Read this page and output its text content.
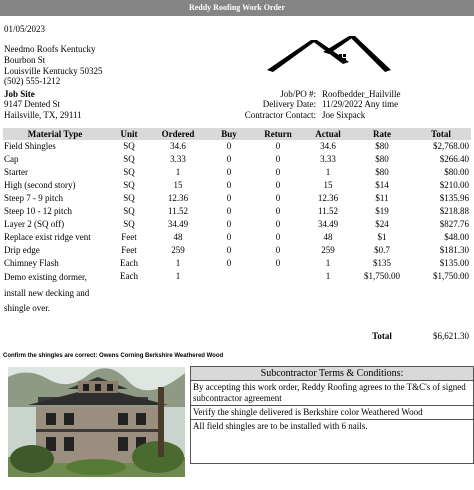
Reddy Roofing Work Order
01/05/2023
Needmo Roofs Kentucky
Bourbon St
Louisville Kentucky 50325
(502) 555-1212
Job Site
9147 Dented St
Hailsville, TX, 29111
Job/PO #: Roofbedder_Hailville
Delivery Date: 11/29/2022 Any time
Contractor Contact: Joe Sixpack
Material Type	Unit	Ordered	Buy	Return	Actual	Rate	Total
Field Shingles	SQ	34.6	0	0	34.6	$80	$2,768.00
Cap	SQ	3.33	0	0	3.33	$80	$266.40
Starter	SQ	1	0	0	1	$80	$80.00
High (second story)	SQ	15	0	0	15	$14	$210.00
Steep 7 - 9 pitch	SQ	12.36	0	0	12.36	$11	$135.96
Steep 10 - 12 pitch	SQ	11.52	0	0	11.52	$19	$218.88
Layer 2 (SQ off)	SQ	34.49	0	0	34.49	$24	$827.76
Replace exist ridge vent	Feet	48	0	0	48	$1	$48.00
Drip edge	Feet	259	0	0	259	$0.7	$181.30
Chimney Flash	Each	1	0	0	1	$135	$135.00

Demo existing dormer,
install new decking and
shingle over.	Each	1			1	$1,750.00	$1,750.00

						Total	$6,621.30
Confirm the shingles are correct: Owens Corning Berkshire Weathered Wood
Subcontractor Terms & Conditions:
By accepting this work order, Reddy Roofing agrees to the T&C's of signed subcontractor agreement
Verify the shingle delivered is Berkshire color Weathered Wood
All field shingles are to be installed with 6 nails.
